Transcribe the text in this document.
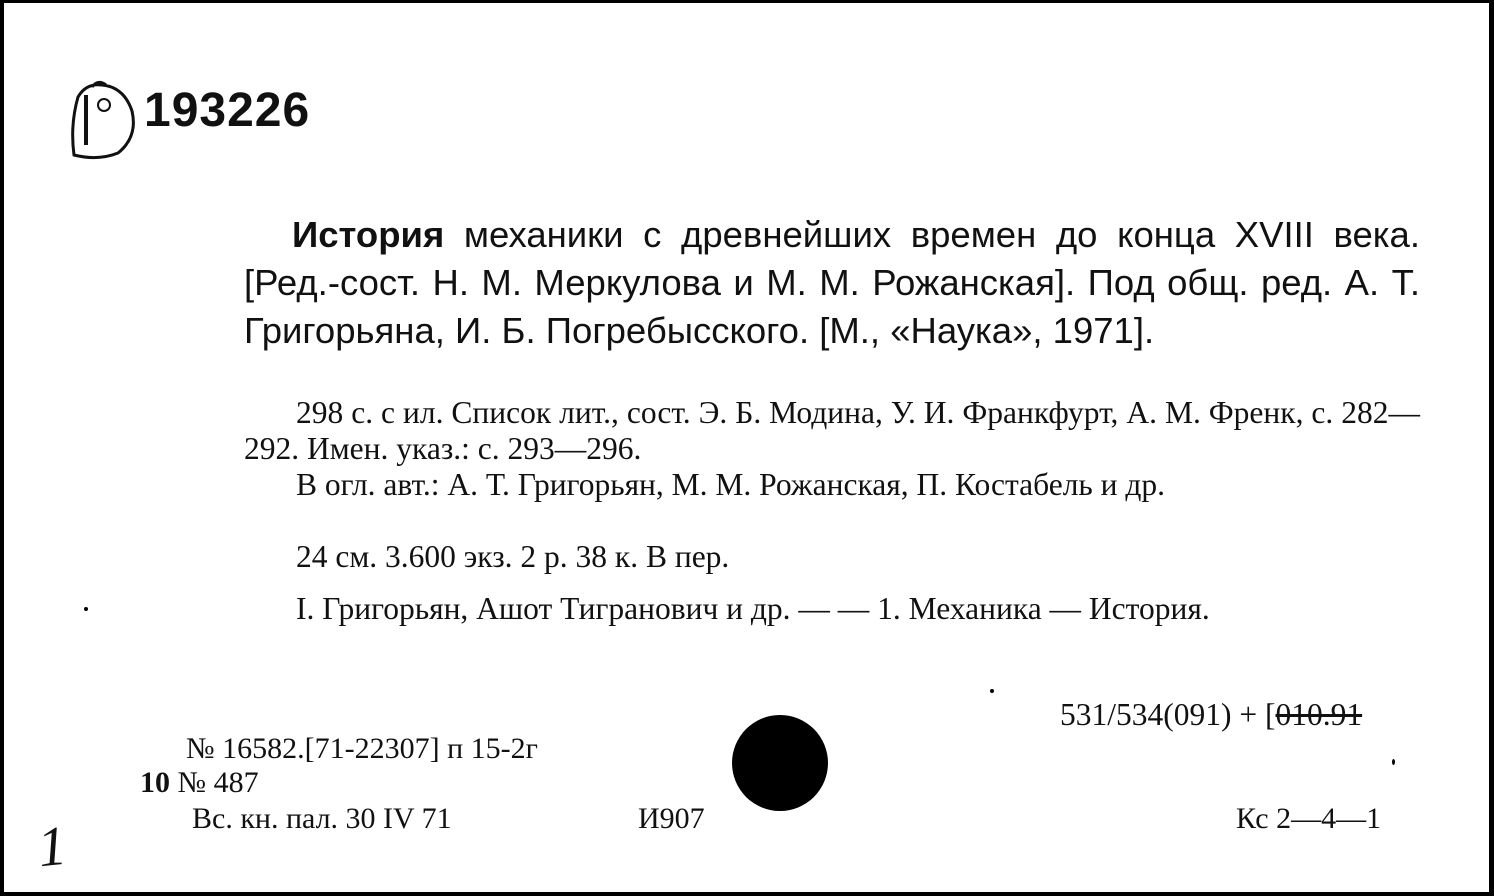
193226
История механики с древнейших времен до конца XVIII века. [Ред.-сост. Н. М. Меркулова и М. М. Рожанская]. Под общ. ред. А. Т. Григорьяна, И. Б. Погребысского. [М., «Наука», 1971].
298 с. с ил. Список лит., сост. Э. Б. Модина, У. И. Франкфурт, А. М. Френк, с. 282—292. Имен. указ.: с. 293—296.
В огл. авт.: А. Т. Григорьян, М. М. Рожанская, П. Костабель и др.
24 см. 3.600 экз. 2 р. 38 к. В пер.
I. Григорьян, Ашот Тигранович и др. — — 1. Механика — История.
531/534(091) + [010.91
№ 16582.[71-22307] п 15-2г
10 № 487
Вс. кн. пал. 30 IV 71	И907	Кс 2—4—1
1
